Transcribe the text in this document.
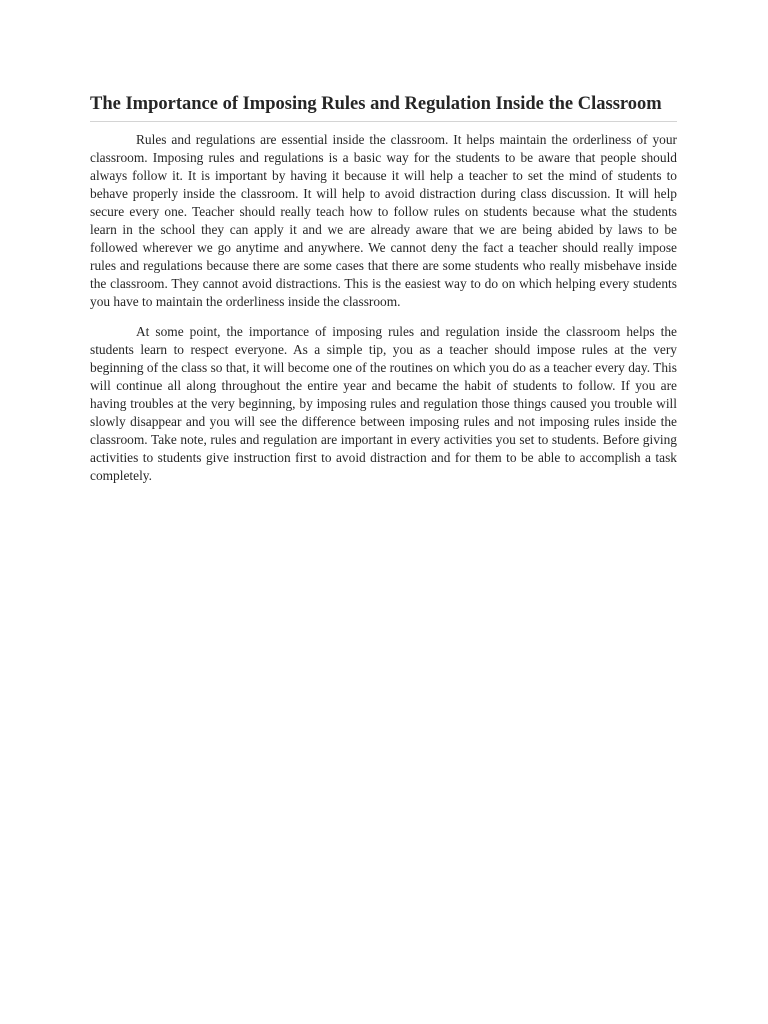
The Importance of Imposing Rules and Regulation Inside the Classroom

Rules and regulations are essential inside the classroom. It helps maintain the orderliness of your classroom. Imposing rules and regulations is a basic way for the students to be aware that people should always follow it. It is important by having it because it will help a teacher to set the mind of students to behave properly inside the classroom. It will help to avoid distraction during class discussion. It will help secure every one. Teacher should really teach how to follow rules on students because what the students learn in the school they can apply it and we are already aware that we are being abided by laws to be followed wherever we go anytime and anywhere. We cannot deny the fact a teacher should really impose rules and regulations because there are some cases that there are some students who really misbehave inside the classroom. They cannot avoid distractions. This is the easiest way to do on which helping every students you have to maintain the orderliness inside the classroom.

At some point, the importance of imposing rules and regulation inside the classroom helps the students learn to respect everyone. As a simple tip, you as a teacher should impose rules at the very beginning of the class so that, it will become one of the routines on which you do as a teacher every day. This will continue all along throughout the entire year and became the habit of students to follow. If you are having troubles at the very beginning, by imposing rules and regulation those things caused you trouble will slowly disappear and you will see the difference between imposing rules and not imposing rules inside the classroom. Take note, rules and regulation are important in every activities you set to students. Before giving activities to students give instruction first to avoid distraction and for them to be able to accomplish a task completely.
